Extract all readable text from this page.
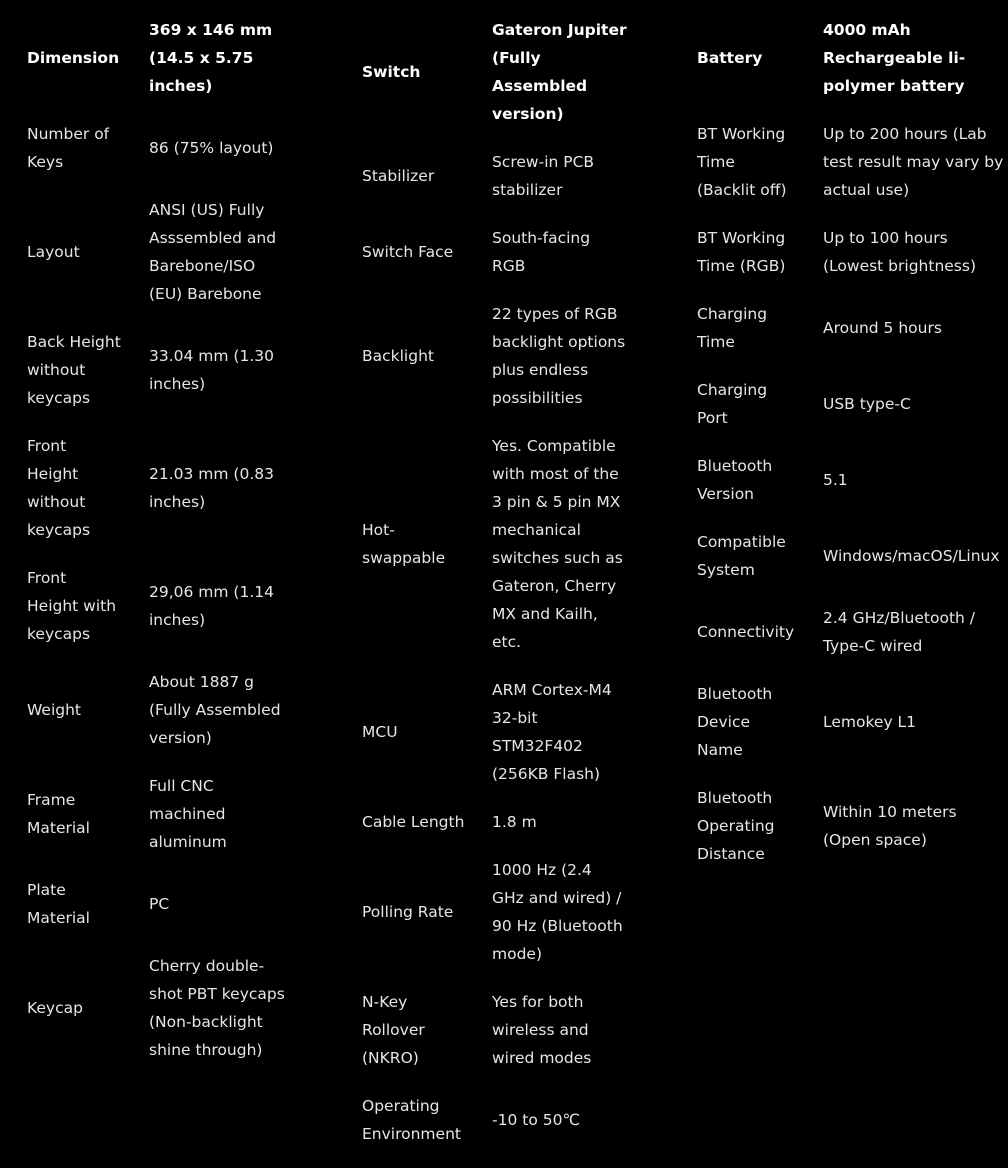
Dimension
369 x 146 mm
(14.5 x 5.75
inches)
Number of
Keys
86 (75% layout)
Layout
ANSI (US) Fully
Asssembled and
Barebone/ISO
(EU) Barebone
Back Height
without
keycaps
33.04 mm (1.30
inches)
Front
Height
without
keycaps
21.03 mm (0.83
inches)
Front
Height with
keycaps
29,06 mm (1.14
inches)
Weight
About 1887 g
(Fully Assembled
version)
Frame
Material
Full CNC
machined
aluminum
Plate
Material
PC
Keycap
Cherry double-
shot PBT keycaps
(Non-backlight
shine through)
Switch
Gateron Jupiter
(Fully
Assembled
version)
Stabilizer
Screw-in PCB
stabilizer
Switch Face
South-facing
RGB
Backlight
22 types of RGB
backlight options
plus endless
possibilities
Hot-
swappable
Yes. Compatible
with most of the
3 pin & 5 pin MX
mechanical
switches such as
Gateron, Cherry
MX and Kailh,
etc.
MCU
ARM Cortex-M4
32-bit
STM32F402
(256KB Flash)
Cable Length	1.8 m
Polling Rate
1000 Hz (2.4
GHz and wired) /
90 Hz (Bluetooth
mode)
N-Key
Rollover
(NKRO)
Yes for both
wireless and
wired modes
Operating
Environment
-10 to 50℃
Battery
4000 mAh
Rechargeable li-
polymer battery
BT Working
Time
(Backlit off)
Up to 200 hours (Lab
test result may vary by
actual use)
BT Working
Time (RGB)
Up to 100 hours
(Lowest brightness)
Charging
Time
Around 5 hours
Charging
Port
USB type-C
Bluetooth
Version
5.1
Compatible
System
Windows/macOS/Linux
Connectivity
2.4 GHz/Bluetooth /
Type-C wired
Bluetooth
Device
Name
Lemokey L1
Bluetooth
Operating
Distance
Within 10 meters
(Open space)
